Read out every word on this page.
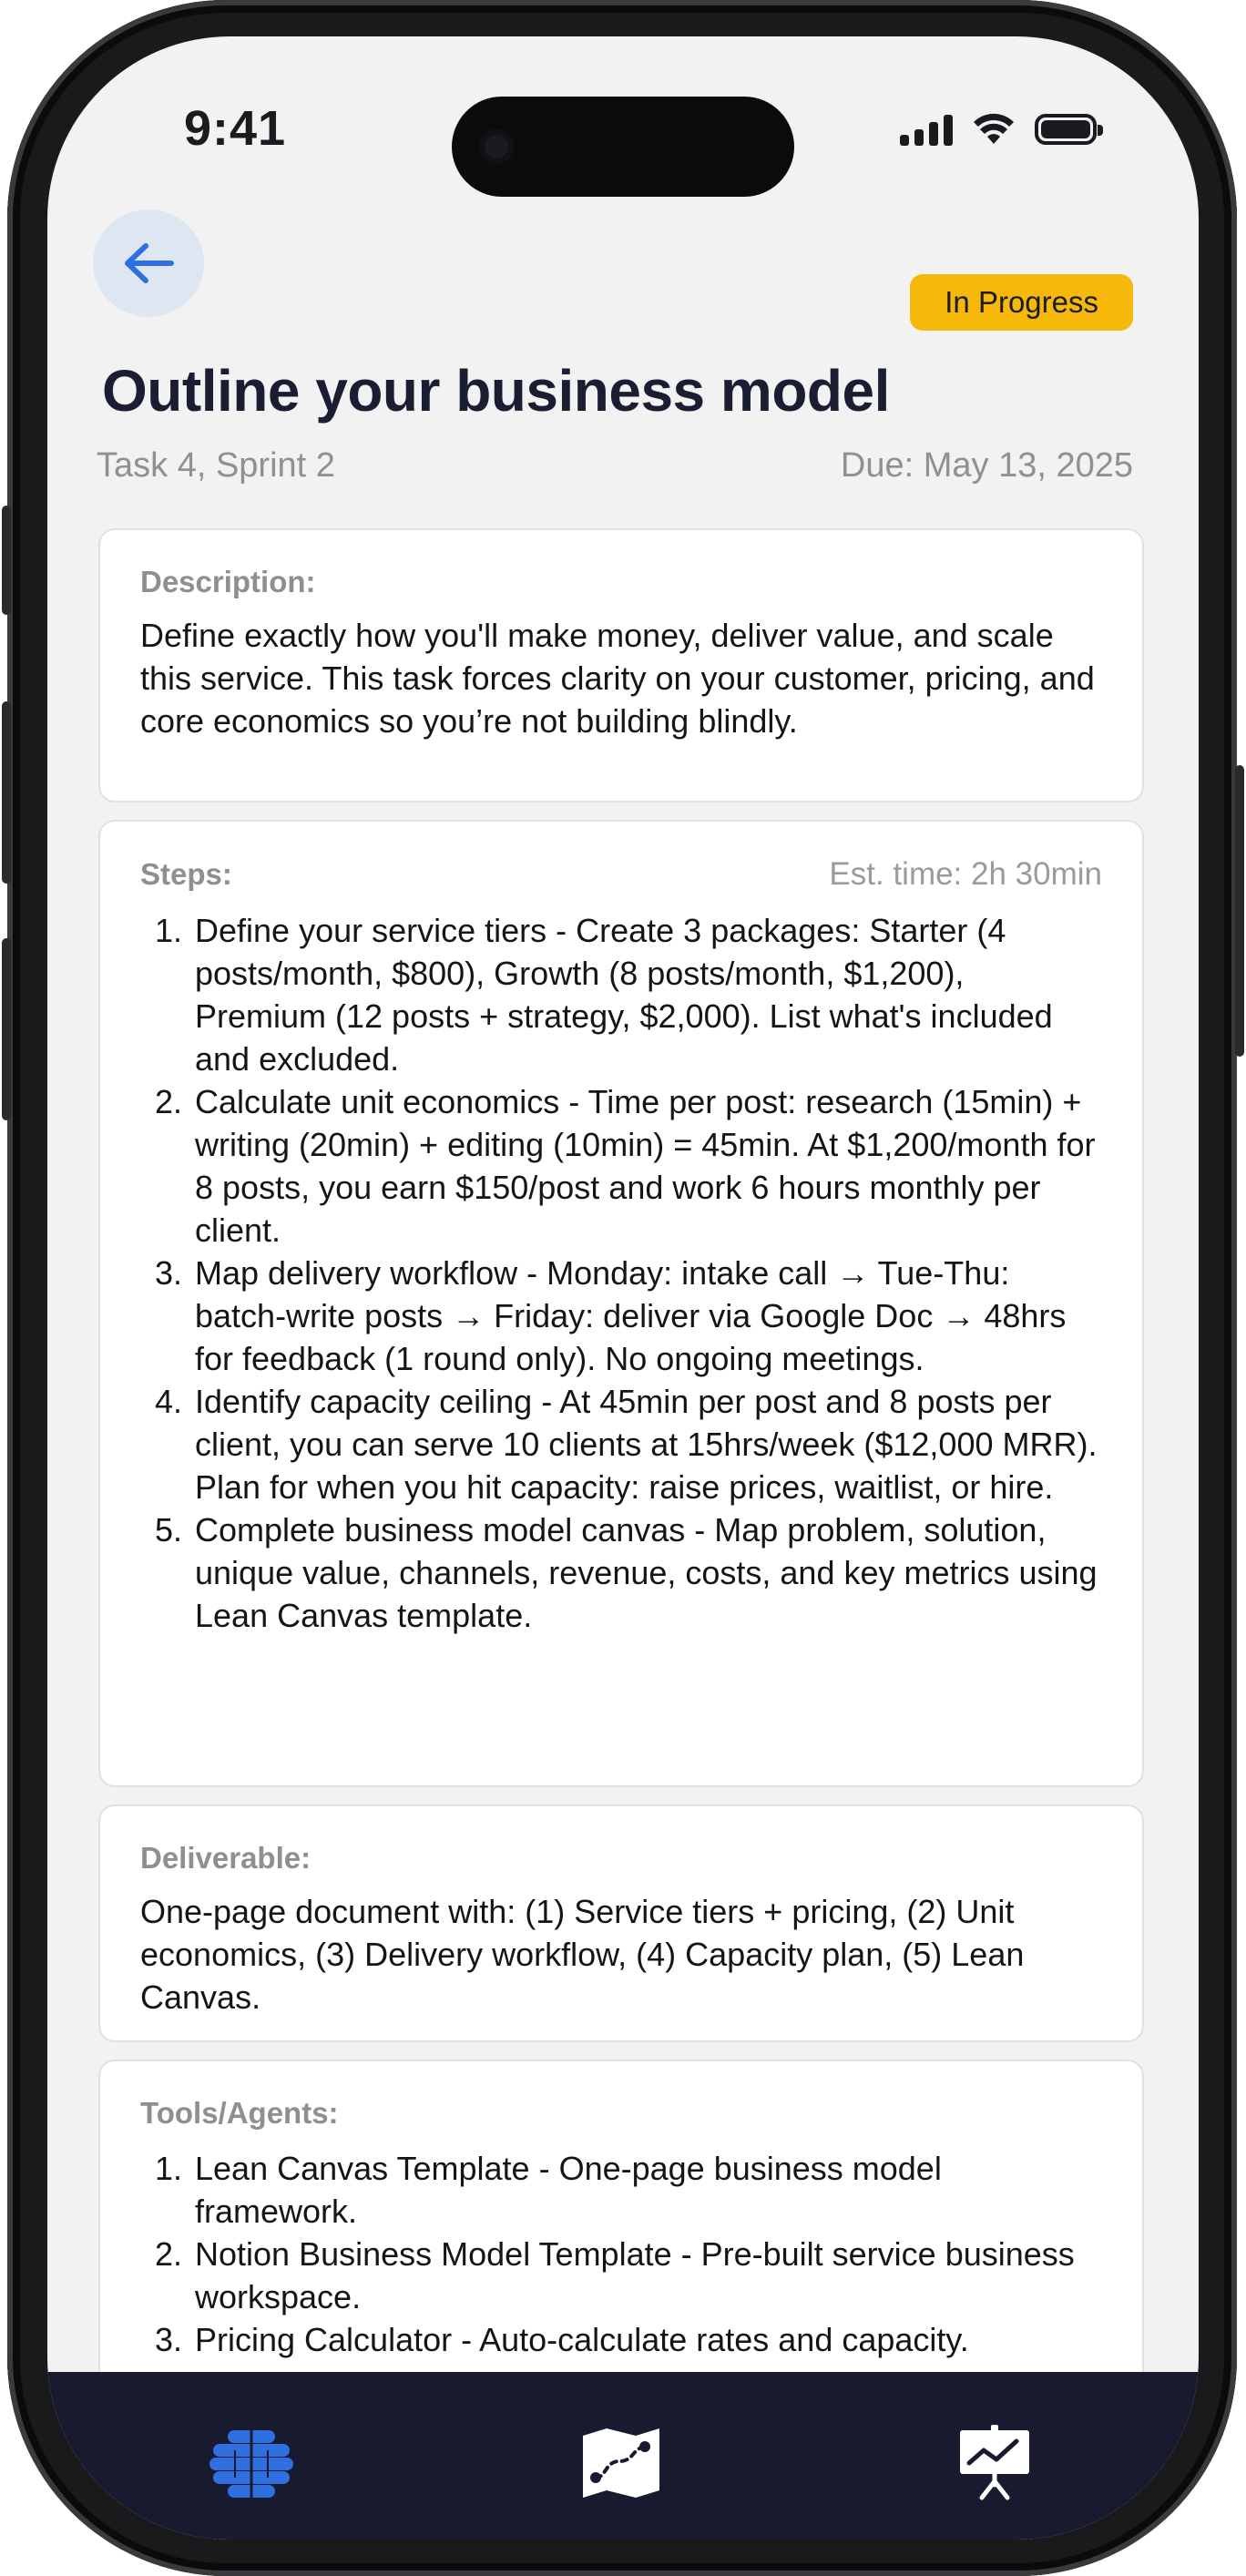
9:41
In Progress
Outline your business model
Task 4, Sprint 2	Due: May 13, 2025
Description:
Define exactly how you'll make money, deliver value, and scale this service. This task forces clarity on your customer, pricing, and core economics so you’re not building blindly.
Steps:	Est. time: 2h 30min
1. Define your service tiers - Create 3 packages: Starter (4 posts/month, $800), Growth (8 posts/month, $1,200), Premium (12 posts + strategy, $2,000). List what's included and excluded.
2. Calculate unit economics - Time per post: research (15min) + writing (20min) + editing (10min) = 45min. At $1,200/month for 8 posts, you earn $150/post and work 6 hours monthly per client.
3. Map delivery workflow - Monday: intake call → Tue-Thu: batch-write posts → Friday: deliver via Google Doc → 48hrs for feedback (1 round only). No ongoing meetings.
4. Identify capacity ceiling - At 45min per post and 8 posts per client, you can serve 10 clients at 15hrs/week ($12,000 MRR). Plan for when you hit capacity: raise prices, waitlist, or hire.
5. Complete business model canvas - Map problem, solution, unique value, channels, revenue, costs, and key metrics using Lean Canvas template.
Deliverable:
One-page document with: (1) Service tiers + pricing, (2) Unit economics, (3) Delivery workflow, (4) Capacity plan, (5) Lean Canvas.
Tools/Agents:
1. Lean Canvas Template - One-page business model framework.
2. Notion Business Model Template - Pre-built service business workspace.
3. Pricing Calculator - Auto-calculate rates and capacity.
